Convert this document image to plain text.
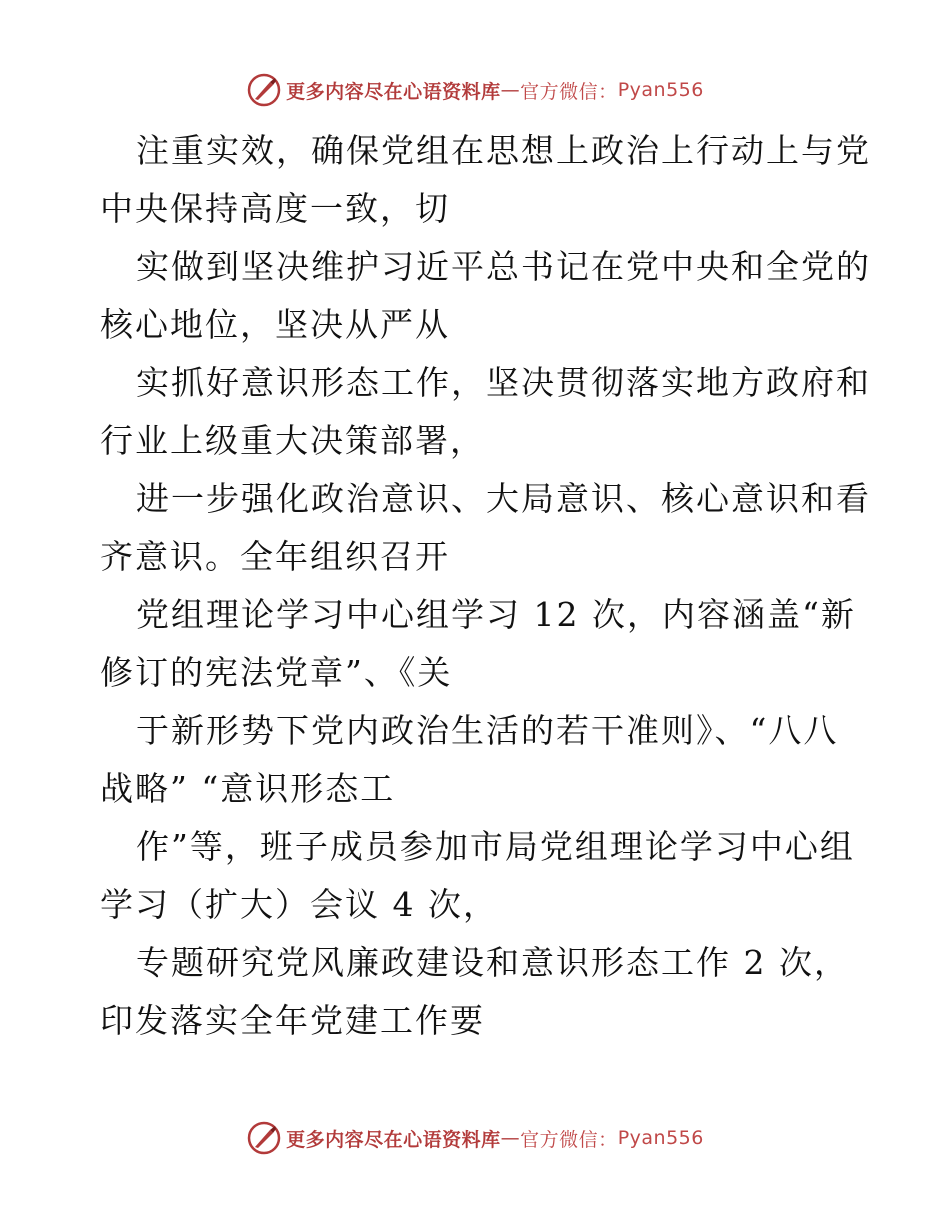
更多内容尽在心语资料库 — 官方微信： Pyan556
注重实效，确保党组在思想上政治上行动上与党
中央保持高度一致，切
实做到坚决维护习近平总书记在党中央和全党的
核心地位，坚决从严从
实抓好意识形态工作，坚决贯彻落实地方政府和
行业上级重大决策部署，
进一步强化政治意识、大局意识、核心意识和看
齐意识。全年组织召开
党组理论学习中心组学习 12 次，内容涵盖“新
修订的宪法党章”、《关
于新形势下党内政治生活的若干准则》、“八八
战略” “意识形态工
作”等，班子成员参加市局党组理论学习中心组
学习（扩大）会议 4 次，
专题研究党风廉政建设和意识形态工作 2 次，
印发落实全年党建工作要
更多内容尽在心语资料库 — 官方微信： Pyan556
